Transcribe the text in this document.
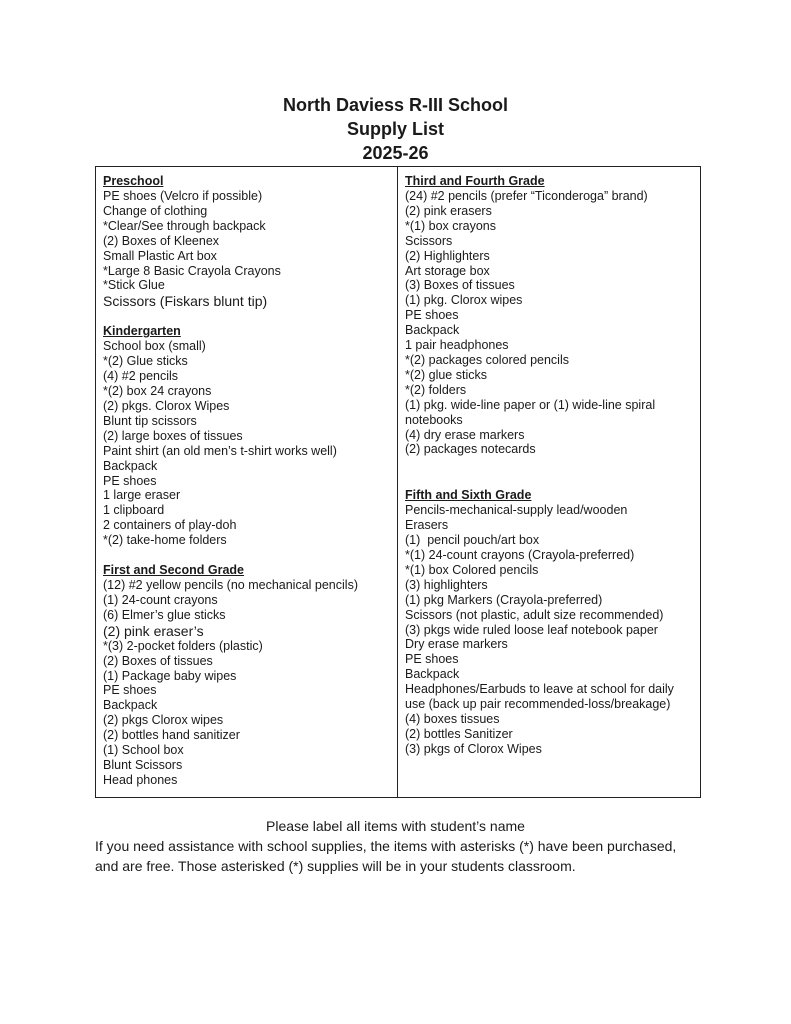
North Daviess R-III School
Supply List
2025-26
Preschool
PE shoes (Velcro if possible)
Change of clothing
*Clear/See through backpack
(2) Boxes of Kleenex
Small Plastic Art box
*Large 8 Basic Crayola Crayons
*Stick Glue
Scissors (Fiskars blunt tip)
Kindergarten
School box (small)
*(2) Glue sticks
(4) #2 pencils
*(2) box 24 crayons
(2) pkgs. Clorox Wipes
Blunt tip scissors
(2) large boxes of tissues
Paint shirt (an old men’s t-shirt works well)
Backpack
PE shoes
1 large eraser
1 clipboard
2 containers of play-doh
*(2) take-home folders
First and Second Grade
(12) #2 yellow pencils (no mechanical pencils)
(1) 24-count crayons
(6) Elmer’s glue sticks
(2) pink eraser’s
*(3) 2-pocket folders (plastic)
(2) Boxes of tissues
(1) Package baby wipes
PE shoes
Backpack
(2) pkgs Clorox wipes
(2) bottles hand sanitizer
(1) School box
Blunt Scissors
Head phones
Third and Fourth Grade
(24) #2 pencils (prefer “Ticonderoga” brand)
(2) pink erasers
*(1) box crayons
Scissors
(2) Highlighters
Art storage box
(3) Boxes of tissues
(1) pkg. Clorox wipes
PE shoes
Backpack
1 pair headphones
*(2) packages colored pencils
*(2) glue sticks
*(2) folders
(1) pkg. wide-line paper or (1) wide-line spiral
notebooks
(4) dry erase markers
(2) packages notecards
Fifth and Sixth Grade
Pencils-mechanical-supply lead/wooden
Erasers
(1)  pencil pouch/art box
*(1) 24-count crayons (Crayola-preferred)
*(1) box Colored pencils
(3) highlighters
(1) pkg Markers (Crayola-preferred)
Scissors (not plastic, adult size recommended)
(3) pkgs wide ruled loose leaf notebook paper
Dry erase markers
PE shoes
Backpack
Headphones/Earbuds to leave at school for daily
use (back up pair recommended-loss/breakage)
(4) boxes tissues
(2) bottles Sanitizer
(3) pkgs of Clorox Wipes
Please label all items with student’s name
If you need assistance with school supplies, the items with asterisks (*) have been purchased,
and are free. Those asterisked (*) supplies will be in your students classroom.
